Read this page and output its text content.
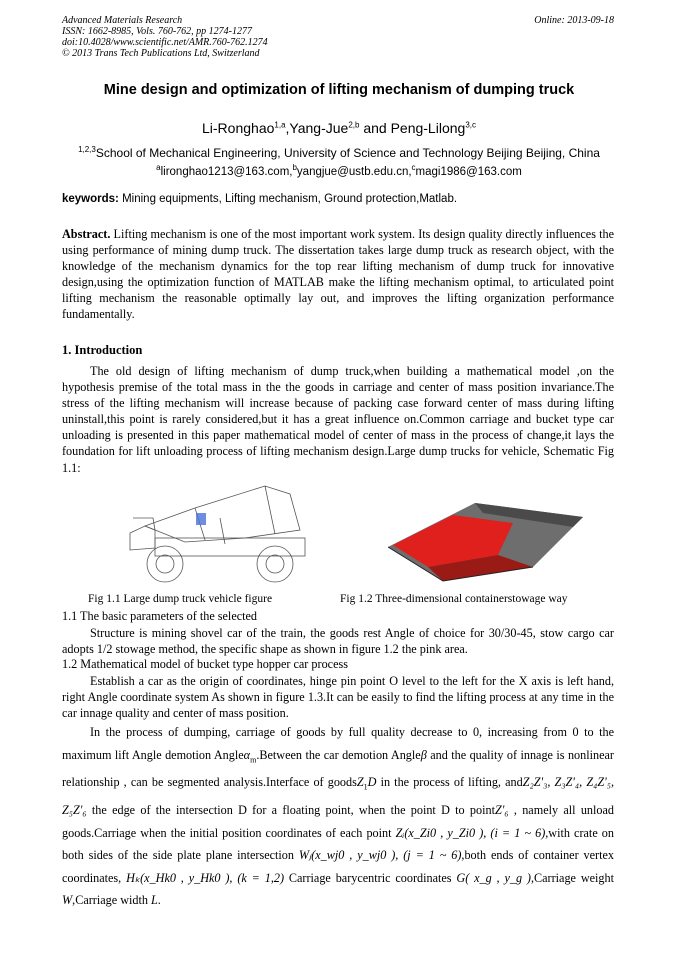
Advanced Materials Research
ISSN: 1662-8985, Vols. 760-762, pp 1274-1277
doi:10.4028/www.scientific.net/AMR.760-762.1274
© 2013 Trans Tech Publications Ltd, Switzerland
Online: 2013-09-18
Mine design and optimization of lifting mechanism of dumping truck
Li-Ronghao$^{1,a}$,Yang-Jue$^{2,b}$ and Peng-Lilong$^{3,c}$
$^{1,2,3}$School of Mechanical Engineering, University of Science and Technology Beijing Beijing, China
$^a$lironghao1213@163.com,$^b$yangjue@ustb.edu.cn,$^c$magi1986@163.com
keywords: Mining equipments, Lifting mechanism, Ground protection,Matlab.
Abstract. Lifting mechanism is one of the most important work system. Its design quality directly influences the using performance of mining dump truck. The dissertation takes large dump truck as research object, with the knowledge of the mechanism dynamics for the top rear lifting mechanism of dump truck for innovative design,using the optimization function of MATLAB make the lifting mechanism optimal, to articulated point lifting mechanism the reasonable optimally lay out, and improves the lifting organization performance fundamentally.
1. Introduction
The old design of lifting mechanism of dump truck,when building a mathematical model ,on the hypothesis premise of the total mass in the the goods in carriage and center of mass position invariance.The stress of the lifting mechanism will increase because of packing case forward center of mass during lifting uninstall,this point is rarely considered,but it has a great influence on.Common carriage and bucket type car unloading is presented in this paper mathematical model of center of mass in the process of change,it lays the foundation for lift unloading process of lifting mechanism design.Large dump trucks for vehicle, Schematic Fig 1.1:
Fig 1.1 Large dump truck vehicle figure	Fig 1.2 Three-dimensional containerstowage way
1.1 The basic parameters of the selected
Structure is mining shovel car of the train, the goods rest Angle of choice for 30/30-45, stow cargo car adopts 1/2 stowage method, the specific shape as shown in figure 1.2 the pink area.
1.2 Mathematical model of bucket type hopper car process
Establish a car as the origin of coordinates, hinge pin point O level to the left for the X axis is left hand, right Angle coordinate system As shown in figure 1.3.It can be easily to find the lifting process at any time in the car innage quality and center of mass position.
In the process of dumping, carriage of goods by full quality decrease to 0, increasing from 0 to the maximum lift Angle demotion Angleα$_m$.Between the car demotion Angleβ and the quality of innage is nonlinear relationship , can be segmented analysis.Interface of goodsZ$_1$D in the process of lifting, andZ₂Z'₃, Z₃Z'₄, Z₄Z'₅, Z₅Z'₆ the edge of the intersection D for a floating point, when the point D to pointZ'₆ , namely all unload goods.Carriage when the initial position coordinates of each point Zᵢ(x_Zi0 , y_Zi0 ), (i = 1 ~ 6),with crate on both sides of the side plate plane intersection Wⱼ(x_wj0 , y_wj0 ), (j = 1 ~ 6),both ends of container vertex coordinates, Hₖ(x_Hk0 , y_Hk0 ), (k = 1,2) Carriage barycentric coordinates G( x_g , y_g ),Carriage weight W,Carriage width L.
